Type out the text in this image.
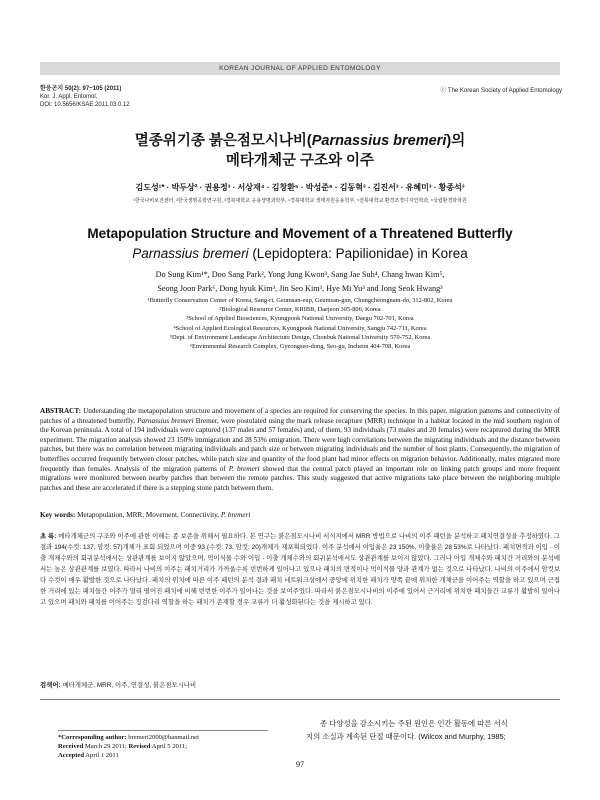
KOREAN JOURNAL OF APPLIED ENTOMOLOGY
한응곤지 50(2): 97~105 (2011)
Kor. J. Appl. Entomol.
DOI: 10.5656/KSAE.2011.03.0.12
ⓒ The Korean Society of Applied Entomology
멸종위기종 붉은점모시나비(Parnassius bremeri)의
메타개체군 구조와 이주
김도성¹* · 박두상² · 권용정³ · 서상재⁴ · 김창환⁵ · 박성준⁶ · 김동혁³ · 김진서³ · 유혜미³ · 황종석³
¹한국나비보전센터, ²한국생명공학연구원, ³경북대학교 응용생명과학부, ⁴경북대학교 생태자원응용학부, ⁵전북대학교 환경조경디자인학과, ⁶국립환경과학원
Metapopulation Structure and Movement of a Threatened Butterfly
Parnassius bremeri (Lepidoptera: Papilionidae) in Korea
Do Sung Kim¹*, Doo Sang Park², Yong Jung Kwon³, Sang Jae Suh⁴, Chang hwan Kim⁵,
Seong Joon Park⁶, Dong hyuk Kim³, Jin Seo Kim³, Hye Mi Yu³ and Jong Seok Hwang³
¹Butterfly Conservation Center of Korea, Sang-ri, Geumsan-eup, Geumsan-gun, Chungcheongnam-do, 312-802, Korea
²Biological Resource Center, KRIBB, Daejeon 305-806, Korea
³School of Applied Biosciences, Kyungpook National University, Daegu 702-701, Korea
⁴School of Applied Ecological Resources, Kyungpook National University, Sangju 742-711, Korea
⁵Dept. of Environment Landscape Architecture Design, Chonbuk National University 570-752, Korea
⁶Envimmental Research Complex, Gyeongseo-dong, Seo-gu, Incheon 404-708, Korea
ABSTRACT: Understanding the metapopulation structure and movement of a species are required for conserving the species. In this paper, migration patterns and connectivity of patches of a threatened butterfly, Parnassius bremeri Bremer, were postulated using the mark release recapture (MRR) technique in a habitat located in the mid southern region of the Korean peninsula. A total of 194 individuals were captured (137 males and 57 females) and, of them, 93 individuals (73 males and 20 females) were recaptured during the MRR experiment. The migration analysis showed 23 150% immigration and 28 53% emigration. There were high correlations between the migrating individuals and the distance between patches, but there was no correlation between migrating individuals and patch size or between migrating individuals and the number of host plants. Consequently, the migration of butterflies occurred frequently between closer patches, while patch size and quantity of the food plant had minor effects on migration behavior. Additionally, males migrated more frequently than females. Analysis of the migration patterns of P. bremeri showed that the central patch played an important role on linking patch groups and more frequent migrations were monitored between nearby patches than between the remote patches. This study suggested that active migrations take place between the neighboring multiple patches and these are accelerated if there is a stepping stone patch between them.
Key words: Metapopulation, MRR, Movement, Connectivity, P. bremeri
초 록: 메타개체군의 구조와 이주에 관한 이해는 종 보존을 위해서 필요하다. 본 연구는 붉은점모시나비 서식지에서 MRR 방법으로 나비의 이주 패턴을 분석하고 패치연결성을 추정하였다. 그 결과 194(수컷: 137, 암컷: 57)개체가 표회 되었으며 이중 93 (수컷: 73, 암컷: 20)개체가 재포획되었다. 이주 분석에서 이입율은 23 150%, 이출율은 28 53%로 나타났다. 패치면적과 이입 · 이출 개체수와의 회귀분석에서는 상관관계를 보이지 않았으며, 먹이식물 수와 이입 · 이출 개체수와의 회귀분석에서도 상관관계를 보이지 않았다. 그러나 이입 개체수와 패치간 거리와의 분석에서는 높은 상관관계를 보였다. 따라서 나비의 이주는 패치거리가 가까울수록 빈번하게 일어나고 있으나 패치의 면적이나 먹이식물 양과 관계가 없는 것으로 나타났다. 나비의 이주에서 암컷보다 수컷이 매우 활발한 것으로 나타났다. 패치의 위치에 따른 이주 패턴의 분석 결과 패치 네트워크상에서 중앙에 위치한 패치가 양쪽 끝에 위치한 개체군을 이어주는 역할을 하고 있으며 근접한 거리에 있는 패치들간 이주가 멀리 떨어진 패치에 비해 빈번한 이주가 일어나는 것을 보여주었다. 따라서 붉은점모시나비의 이주에 있어서 근거리에 위치한 패치들간 교류가 활발히 일어나고 있으며 패치와 패치를 이어주는 징검다리 역할을 하는 패치가 존재할 경우 교류가 더 활성화된다는 것을 제시하고 있다.
검색어: 메타개체군, MRR, 이주, 연결성, 붉은점모시나비
*Corresponding author: bremeri2000@hanmail.net
Received March 29 2011; Revised April 5 2011;
Accepted April 1 2011
종 다양성을 감소시키는 주된 원인은 인간 활동에 따른 서식
지의 소실과 계속된 단절 때문이다. (Wilcox and Murphy, 1985;
97
